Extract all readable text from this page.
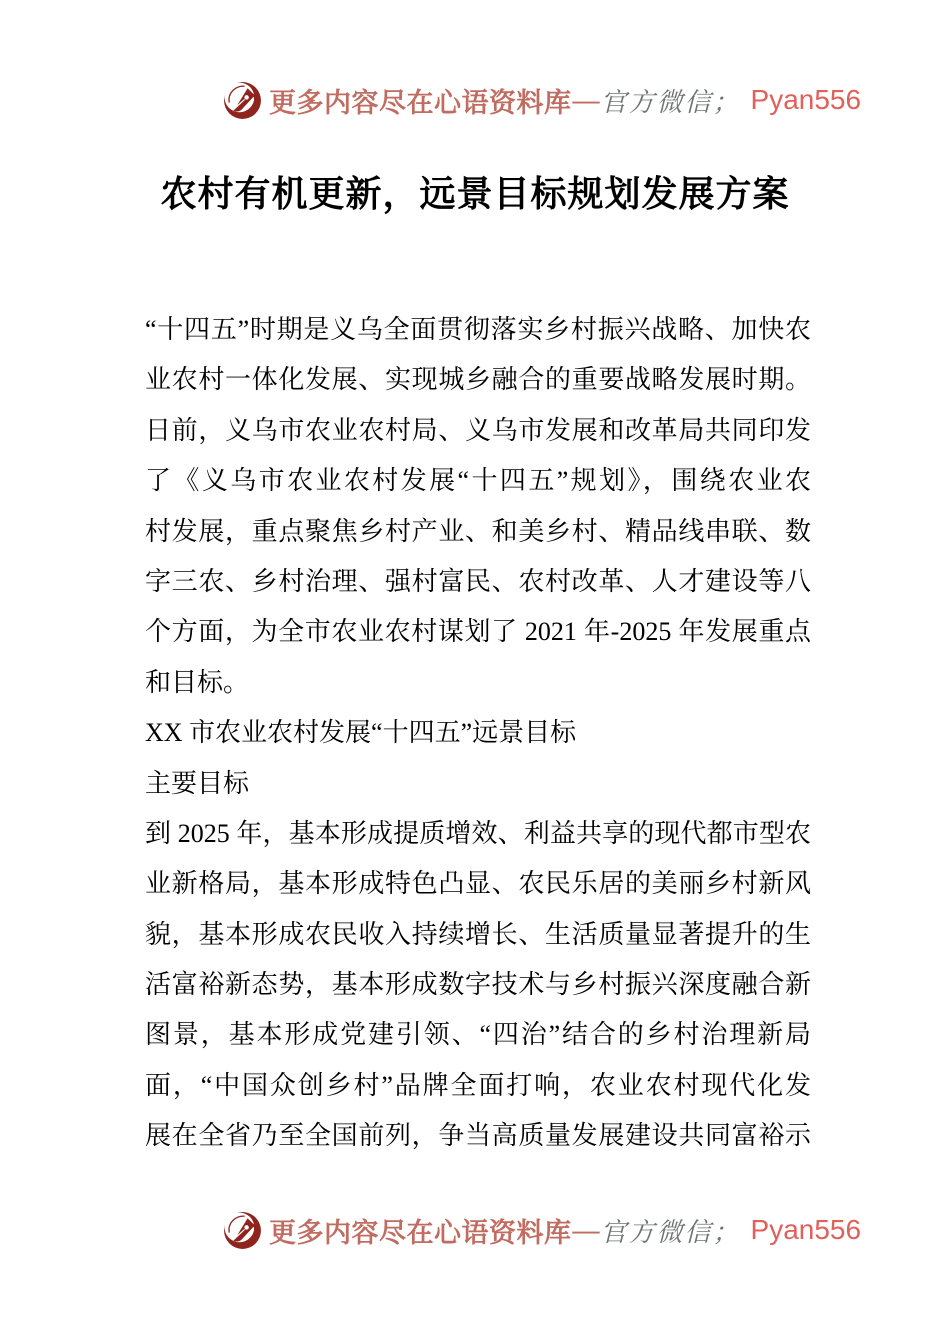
更多内容尽在心语资料库 — 官方微信； Pyan556
农村有机更新，远景目标规划发展方案
“十四五”时期是义乌全面贯彻落实乡村振兴战略、加快农
业农村一体化发展、实现城乡融合的重要战略发展时期。
日前，义乌市农业农村局、义乌市发展和改革局共同印发
了《义乌市农业农村发展“十四五”规划》，围绕农业农
村发展，重点聚焦乡村产业、和美乡村、精品线串联、数
字三农、乡村治理、强村富民、农村改革、人才建设等八
个方面，为全市农业农村谋划了 2021 年-2025 年发展重点
和目标。
XX 市农业农村发展“十四五”远景目标
主要目标
到 2025 年，基本形成提质增效、利益共享的现代都市型农
业新格局，基本形成特色凸显、农民乐居的美丽乡村新风
貌，基本形成农民收入持续增长、生活质量显著提升的生
活富裕新态势，基本形成数字技术与乡村振兴深度融合新
图景，基本形成党建引领、“四治”结合的乡村治理新局
面，“中国众创乡村”品牌全面打响，农业农村现代化发
展在全省乃至全国前列，争当高质量发展建设共同富裕示
更多内容尽在心语资料库 — 官方微信； Pyan556
